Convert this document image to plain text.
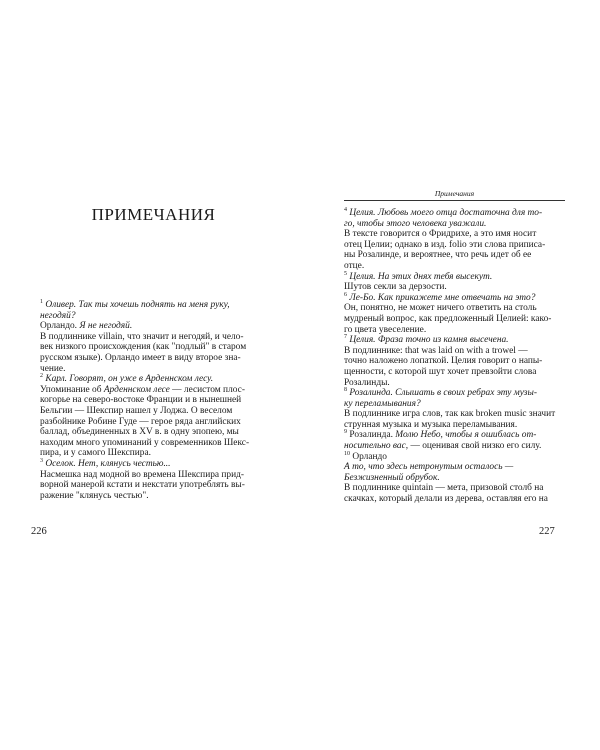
ПРИМЕЧАНИЯ

$^1$ Оливер. Так ты хочешь поднять на меня руку,

негодяй?

Орландо. Я не негодяй.

В подлиннике villain, что значит и негодяй, и чело-

век низкого происхождения (как "подлый" в старом

русском языке). Орландо имеет в виду второе зна-

чение.

$^2$ Карл. Говорят, он уже в Арденнском лесу.

Упоминание об Арденнском лесе — лесистом плос-

когорье на северо-востоке Франции и в нынешней

Бельгии — Шекспир нашел у Лоджа. О веселом

разбойнике Робине Гуде — герое ряда английских

баллад, объединенных в XV в. в одну эпопею, мы

находим много упоминаний у современников Шекс-

пира, и у самого Шекспира.

$^3$ Оселок. Нет, клянусь честью...

Насмешка над модной во времена Шекспира прид-

ворной манерой кстати и некстати употреблять вы-

ражение "клянусь честью".

226
Примечания

$^4$ Целия. Любовь моего отца достаточна для то-

го, чтобы этого человека уважали.

В тексте говорится о Фридрихе, а это имя носит

отец Целии; однако в изд. folio эти слова приписа-

ны Розалинде, и вероятнее, что речь идет об ее

отце.

$^5$ Целия. На этих днях тебя высекут.

Шутов секли за дерзости.

$^6$ Ле-Бо. Как прикажете мне отвечать на это?

Он, понятно, не может ничего ответить на столь

мудреный вопрос, как предложенный Целией: како-

го цвета увеселение.

$^7$ Целия. Фраза точно из камня высечена.

В подлиннике: that was laid on with a trowel —

точно наложено лопаткой. Целия говорит о напы-

щенности, с которой шут хочет превзойти слова

Розалинды.

$^8$ Розалинда. Слышать в своих ребрах эту музы-

ку переламывания?

В подлиннике игра слов, так как broken music значит

струнная музыка и музыка переламывания.

$^9$ Розалинда. Молю Небо, чтобы я ошиблась от-

носительно вас, — оценивая свой низко его силу.

$^{10}$ Орландо

А то, что здесь нетронутым осталось —

Безжизненный обрубок.

В подлиннике quintain — мета, призовой столб на

скачках, который делали из дерева, оставляя его на

227
